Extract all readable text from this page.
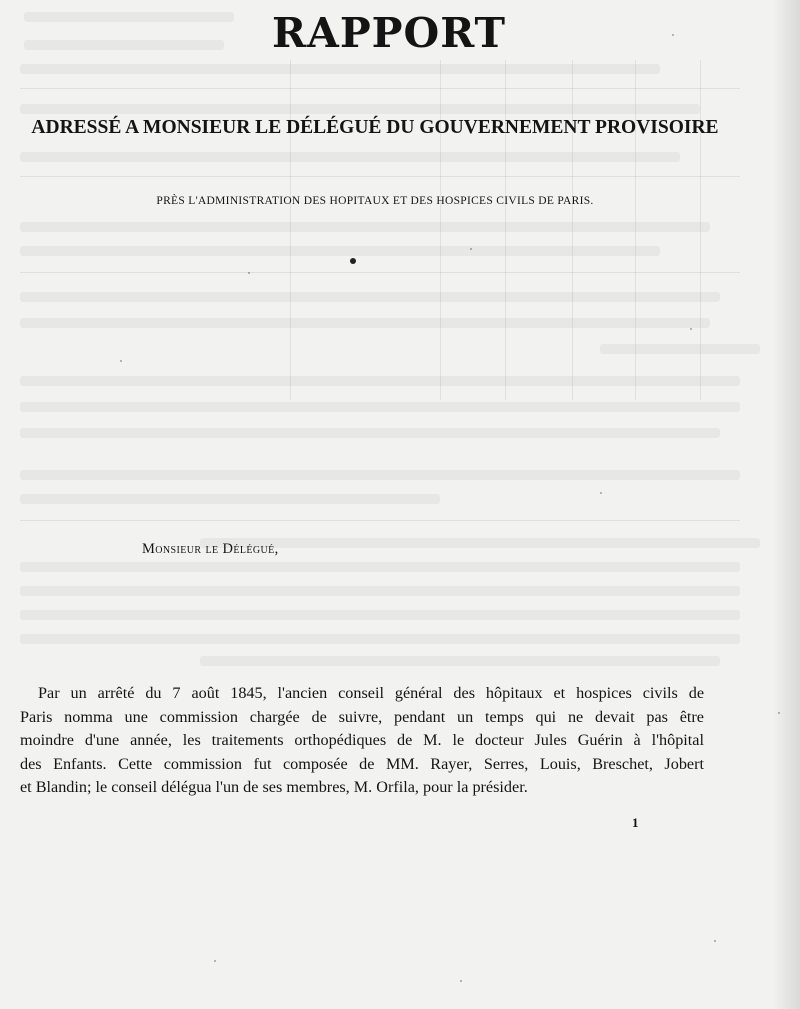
RAPPORT
ADRESSÉ A MONSIEUR LE DÉLÉGUÉ DU GOUVERNEMENT PROVISOIRE
PRÈS L'ADMINISTRATION DES HOPITAUX ET DES HOSPICES CIVILS DE PARIS.
Monsieur le Délégué,
Par un arrêté du 7 août 1845, l'ancien conseil général des hôpitaux et hospices civils de
Paris nomma une commission chargée de suivre, pendant un temps qui ne devait pas être
moindre d'une année, les traitements orthopédiques de M. le docteur Jules Guérin à l'hôpital
des Enfants. Cette commission fut composée de MM. Rayer, Serres, Louis, Breschet, Jobert
et Blandin; le conseil délégua l'un de ses membres, M. Orfila, pour la présider.
1
